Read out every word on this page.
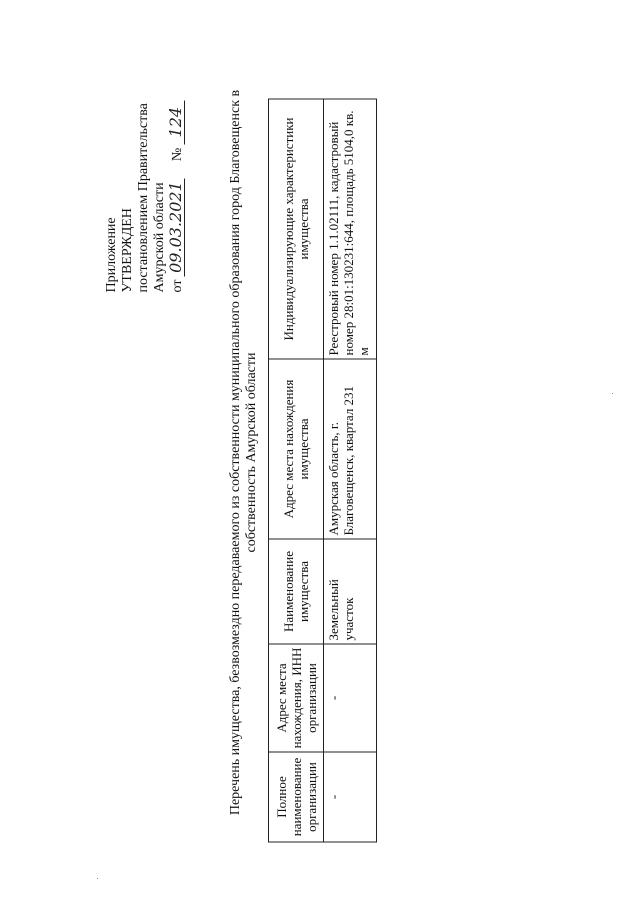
Приложение УТВЕРЖДЕН постановлением Правительства Амурской области от 09.03.2021  № 124	Перечень имущества, безвозмездно передаваемого из собственности муниципального образования город Благовещенск в собственность Амурской области
Полное наименование организации	Адрес места нахождения, ИНН организации	Наименование имущества	Адрес места нахождения имущества	Индивидуализирующие характеристики имущества
-	-	Земельный участок	Амурская область, г. Благовещенск, квартал 231	Реестровый номер 1.1.02111, кадастровый номер 28:01:130231:644, площадь 5104,0 кв. м
